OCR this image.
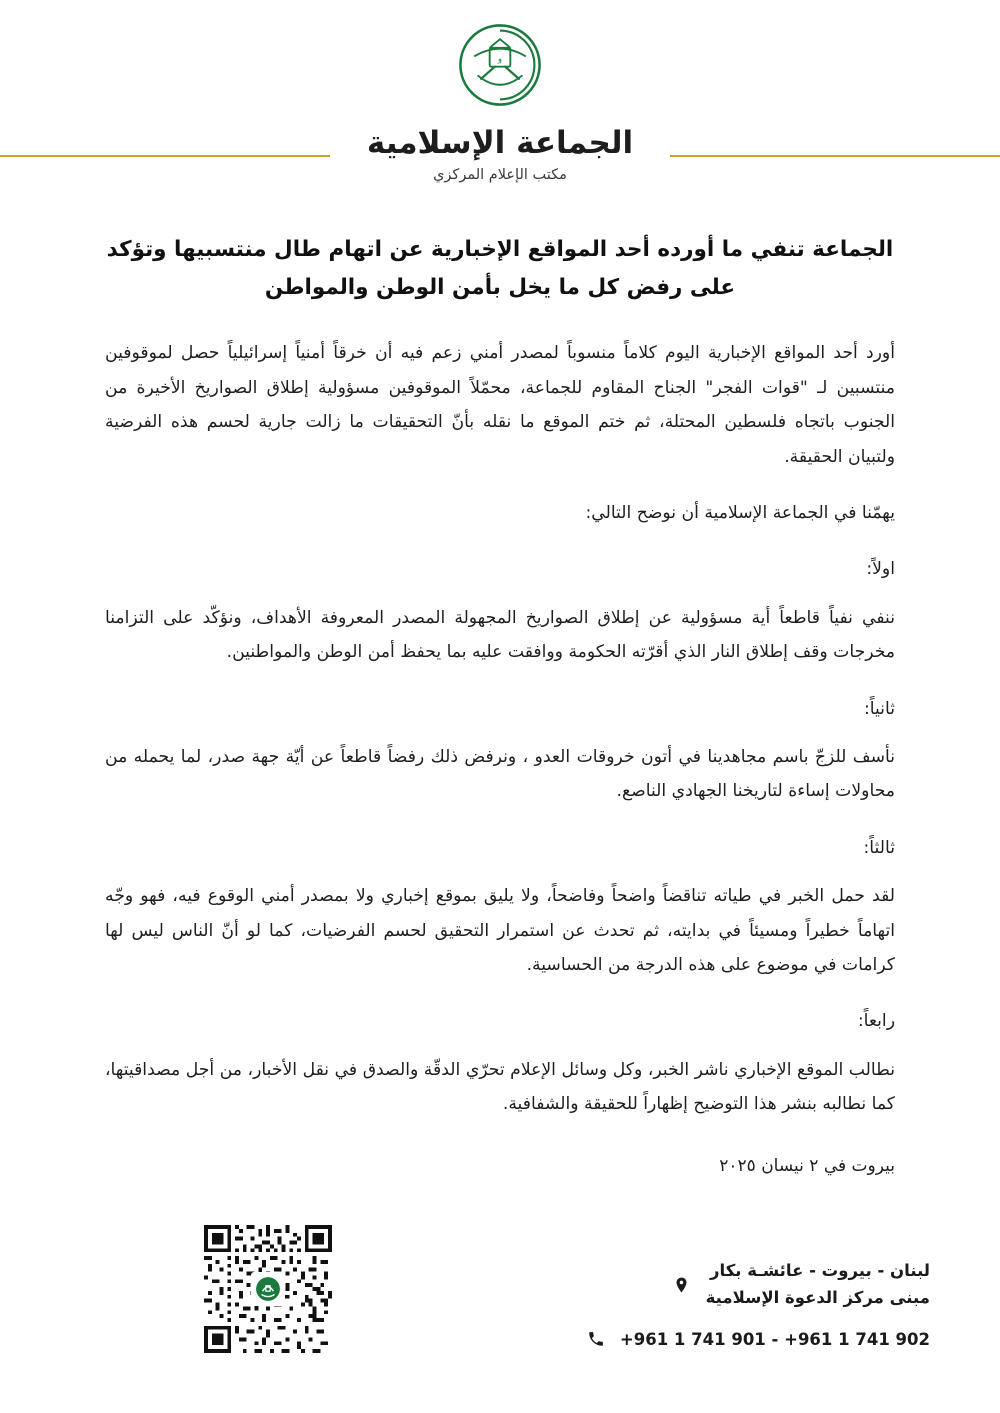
و
الجماعة الإسلامية
مكتب الإعلام المركزي
الجماعة تنفي ما أورده أحد المواقع الإخبارية عن اتهام طال منتسبيها وتؤكد على رفض كل ما يخل بأمن الوطن والمواطن

أورد أحد المواقع الإخبارية اليوم كلاماً منسوباً لمصدر أمني زعم فيه أن خرقاً أمنياً إسرائيلياً حصل لموقوفين منتسبين لـ "قوات الفجر" الجناح المقاوم للجماعة، محمّلاً الموقوفين مسؤولية إطلاق الصواريخ الأخيرة من الجنوب باتجاه فلسطين المحتلة، ثم ختم الموقع ما نقله بأنّ التحقيقات ما زالت جارية لحسم هذه الفرضية ولتبيان الحقيقة.

يهمّنا في الجماعة الإسلامية أن نوضح التالي:

اولاً:

ننفي نفياً قاطعاً أية مسؤولية عن إطلاق الصواريخ المجهولة المصدر المعروفة الأهداف، ونؤكّد على التزامنا مخرجات وقف إطلاق النار الذي أقرّته الحكومة ووافقت عليه بما يحفظ أمن الوطن والمواطنين.

ثانياً:

نأسف للزجّ باسم مجاهدينا في أتون خروقات العدو ، ونرفض ذلك رفضاً قاطعاً عن أيّة جهة صدر، لما يحمله من محاولات إساءة لتاريخنا الجهادي الناصع.

ثالثاً:

لقد حمل الخبر في طياته تناقضاً واضحاً وفاضحاً، ولا يليق بموقع إخباري ولا بمصدر أمني الوقوع فيه، فهو وجّه اتهاماً خطيراً ومسيئاً في بدايته، ثم تحدث عن استمرار التحقيق لحسم الفرضيات، كما لو أنّ الناس ليس لها كرامات في موضوع على هذه الدرجة من الحساسية.

رابعاً:

نطالب الموقع الإخباري ناشر الخبر، وكل وسائل الإعلام تحرّي الدقّة والصدق في نقل الأخبار، من أجل مصداقيتها، كما نطالبه بنشر هذا التوضيح إظهاراً للحقيقة والشفافية.

بيروت في ٢ نيسان ٢٠٢٥

لبنان - بيروت - عائشـة بكار
مبنى مركز الدعوة الإسلامية
+961 1 741 901 - +961 1 741 902
